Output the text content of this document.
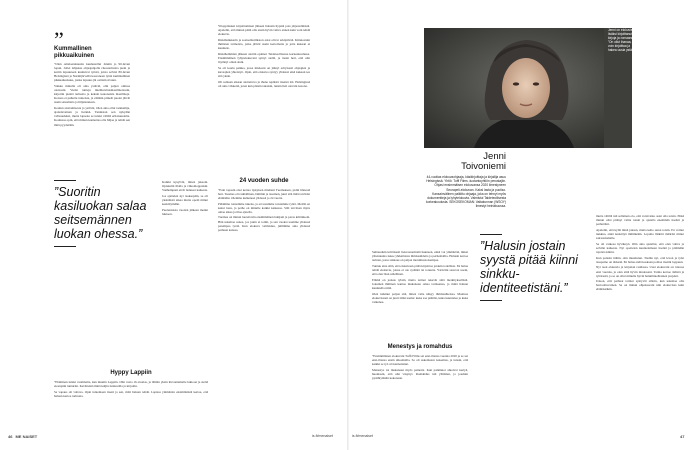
”
Kummallinen pikkuaikuinen

”Olen omalaatuisuutta kuulustellut Jennin jo 90-luvun lopun. Jollei lahjakas ohjaajanjolla rikostarinoita pieni ja kotiin lapsuuteen kuuluivat työstä, joista selvisi 80-luvun Helsingissä ja Nurmijärvellä kasvaneen tytön kummallinen pikkuaikuisuus, jonka lapsuus jäi osittain sivuun.

Vaikka minulla oli aina ystäviä, olin paljon omissa oloissani. Vietin tunteja mielikuvitusmaailmoissani, kirjoitin pieniä tarinoita ja keksin kokonaisia maailmoja. Kotona ei puhuttu tunteista, ja elämän pimeät puolet jäivät usein sanomatta ja hiljaisuuteen.

Koulun alottamisesta ja ystävät, Olen aina ollut tarkkailija, ajattelevainen ja herkkä. Tunnistan sen nykyään vahvuudeksi, mutta lapsena se tuntui välillä erilaisuudelta. Koulussa opin, että minun kannattaa olla hiljaa ja tehdä sen mitä pyydetään.

”Suoritin kasiluokan salaa seitsemännen luokan ohessa.”

Kaikki kysyivät, miten jaksoin. Opiskelin illalla ja viikonloppuisin. Vanhempani eivät tienneet kaikesta.

Jos ajattelen nyt taaksepäin, se oli yksinäistä aikaa mutta opetti minut keskittymään.

Puolentoista vuoden jälkeen menin lukioon.

Hyppy Lappiin

”Eläminen tuntui vaatimalta, kun muutin Lappiin. Olin vasta 16-vuotias, ja lähdin yksin Rovaniemelle lukioon ja sieltä eteenpäin tunturiin. Kevätteinä minä kuljin tuntureilla ja kirjoitin.

Se vapaus oli valtava. Opin tuntemaan itseni ja sen, mitä haluan tehdä. Lapissa ymmärsin ensimmäistä kertaa, että haluan kertoa tarinoita.

Ylioppilaaksi kirjoittamisen jälkeen halusin hypätä pois järjestelmästä. Ajattelin, että minun pitää olla ensin hyvin vahva ennen kuin voin tehdä elokuvia.

Riskibunkkerin ja sosiaalitoimiston asiat olivat arkipäivää. Kiinnostuin ihmisten tarinoista, jotka jäävät usein kertomatta ja joita kukaan ei kuuntele.

Riskihommien jälkeen aloitin opinnot Taideteollisessa korkeakoulussa. Ensimmäinen lyhytelokuvani syntyi siellä, ja tiesin heti, että olin löytänyt oman alani.

Se oli koulu paikka, jossa mieleeni on jäänyt erityisesti ohjaajien ja kuvaajien yhteistyö. Opin, että elokuva syntyy yhdessä eikä kukaan tee sitä yksin.

Oli samaan aikaan aloitettava ja ihana repäistä itsensä irti. Helsingissä oli aina vilskettä, joten kun pääsin takaisin, tunsin heti olevani kotona.

24 vuoden suhde

”Esin tapasin ensi kertaa nykyisen mieheni Tuomaksen, pidin hänestä heti. Tuomas oli rauhallinen, lämmin ja tasainen, juuri sitä mitä tarvitsin elämääni. Olemme kulkeneet yhdessä jo 24 vuotta.

Pidämme toistemme tukena, ja arvostamme toistemme työtä. Meillä on kaksi lasta, ja perhe on minulle kaikki kaikessa. Silti tarvitsen myös omaa aikaa ja tilaa ajatella.

Tuomas on minun luotettavin ensimmäinen lukijani ja paras kriitikkoni. Hän uskaltaa sanoa, jos jokin ei toimi, ja sen vuoksi teemme yhdessä parempaa työtä. Kun elokuva valmistuu, juhlimme aina yhdessä perheen kanssa.

46 ME NAISET	is.fi/menaiset
Jenni on elokuvien lisäksi kirjoittanut kirjoja ja romaaneja. ”On ollut ihanaa, että voin kirjoittaa ja hakea uusia ystäviä.”
Jenni
Toivoniemi
44-vuotias elokuvaohjaaja, käsikirjoittaja ja kirjailija asuu Helsingissä. Yhtiö: Tuffi Films -tuotantoyhtiön perustajiin. Ohjasi ensimmäisen elokuvansa 2020 ilmestyneen Seurapeli-elokuvan. Kaksi lasta ja puoliso. Kansainvälinen palkittu ohjaaja, joka on tehnyt myös dokumentteja ja lyhytelokuvia. Valmistui Taideteollisesta korkeakoulusta. SEKOSEKOMAN: Valtakunnan (WSOY) ilmestyi heinäkuussa.

Suhtauduin kriittisesti heteronormatiivisuuteen, enkä voi ymmärtää, miksi yhteiskunta tukee yhdenlaista ihmissuhdetta ja perhemallia. Halusin kertoa tarinan, jossa rakkaus on paljon monimuotoisempaa.

Tuntuu aina siltä, että elokuvaan pitää kirjoittaa jotakin todellista. En halua tehdä elokuvia, joissa ei ole sydäntä tai totuutta. Ystäväni sanovat usein, että olen liian rehellinen.

Elämä on joskus tylsää, mutta tarinat tekevät siitä merkityksellistä. Jokainen ihminen kantaa mukanaan omaa tarinaansa, ja minä haluan kuunnella niitä.

Olen tutkinut paljon sitä, miten valta näkyy ihmissuhteissa. Monissa elokuvissani on juuri tämä teema: kuka saa päättää, kuka kuuntelee ja kuka vaikenee.

Menestys ja romahdus

”Ensimmäinen elokuvani Tuffi Films sai ensi-iltansa vuonna 2020 ja se sai ensi-iltansa ensin ulkomailla. Se oli uskomaton kokemus, ja tunsin, että kaikki se työ oli kannattanut.

Menestys toi mukanaan myös paineita. Kun palkinnot alkoivat kertyä, huomasin, että olin väsynyt. Romahdus tuli yllättäen, ja jouduin pysähtymään kokonaan.

”Halusin jostain syystä pitää kiinni sinkku-identiteetistäni.”

mutta välillä tuli sellainen olo, että voisivatko asiat olla toisin. Ehkä minun olisi pitänyt valita toisin ja ajatella enemmän itseäni ja perhettäni.

Ajattelin, että kyllä minä jaksan, mutta keho sanoi toisin. En voinut nukkua, enkä keskittyä mihinkään. Lopulta lääkäri määräsi minut sairauslomalle.

Se oli vaikeaa hyväksyä. Olin aina ajatellut, että olen vahva ja selviän kaikesta. Nyt opettelen kuuntelemaan itseäni ja pitämään rajoista kiinni.

Kun palasin töihin, olin muuttunut. Tiedän nyt, että levon ja työn tasapaino on tärkeää. En halua enää koskaan polttaa itseäni loppuun.

Nyt teen elokuvia ja kirjoitan rauhassa. Uusi elokuvani on tulossa ensi vuonna, ja olen siitä hyvin innoissani. Tarina kertoo äidistä ja tyttärestä, ja se on ollut minulle hyvin henkilökohtainen projekti.

Uskon, että parhaat tarinat syntyvät silloin, kun uskaltaa olla haavoittuvainen. Se on minun ohjenuorani niin elokuvissa kuin elämässäkin.

is.fi/menaiset	47
